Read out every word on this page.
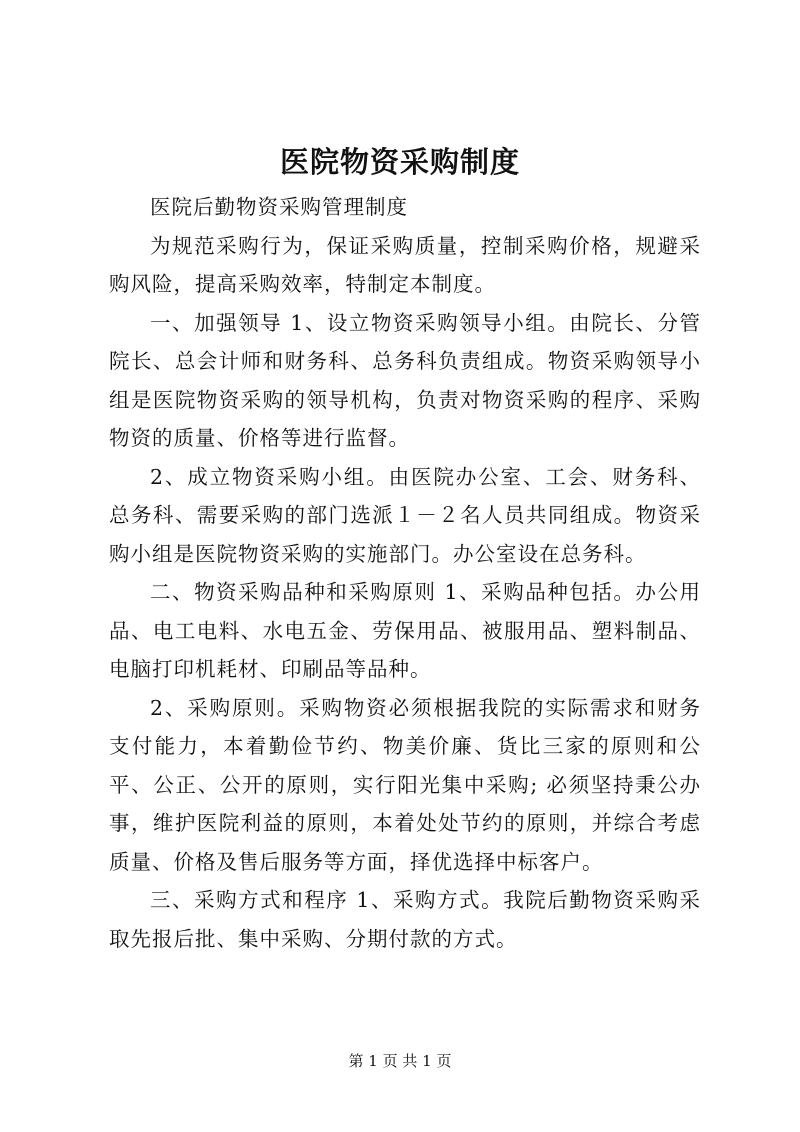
医院物资采购制度

医院后勤物资采购管理制度

为规范采购行为，保证采购质量，控制采购价格，规避采购风险，提高采购效率，特制定本制度。

一、加强领导 1、设立物资采购领导小组。由院长、分管院长、总会计师和财务科、总务科负责组成。物资采购领导小组是医院物资采购的领导机构，负责对物资采购的程序、采购物资的质量、价格等进行监督。

2、成立物资采购小组。由医院办公室、工会、财务科、总务科、需要采购的部门选派１－２名人员共同组成。物资采购小组是医院物资采购的实施部门。办公室设在总务科。

二、物资采购品种和采购原则 1、采购品种包括。办公用品、电工电料、水电五金、劳保用品、被服用品、塑料制品、电脑打印机耗材、印刷品等品种。

2、采购原则。采购物资必须根据我院的实际需求和财务支付能力，本着勤俭节约、物美价廉、货比三家的原则和公平、公正、公开的原则，实行阳光集中采购; 必须坚持秉公办事，维护医院利益的原则，本着处处节约的原则，并综合考虑质量、价格及售后服务等方面，择优选择中标客户。

三、采购方式和程序 1、采购方式。我院后勤物资采购采取先报后批、集中采购、分期付款的方式。

第 1 页 共 1 页
